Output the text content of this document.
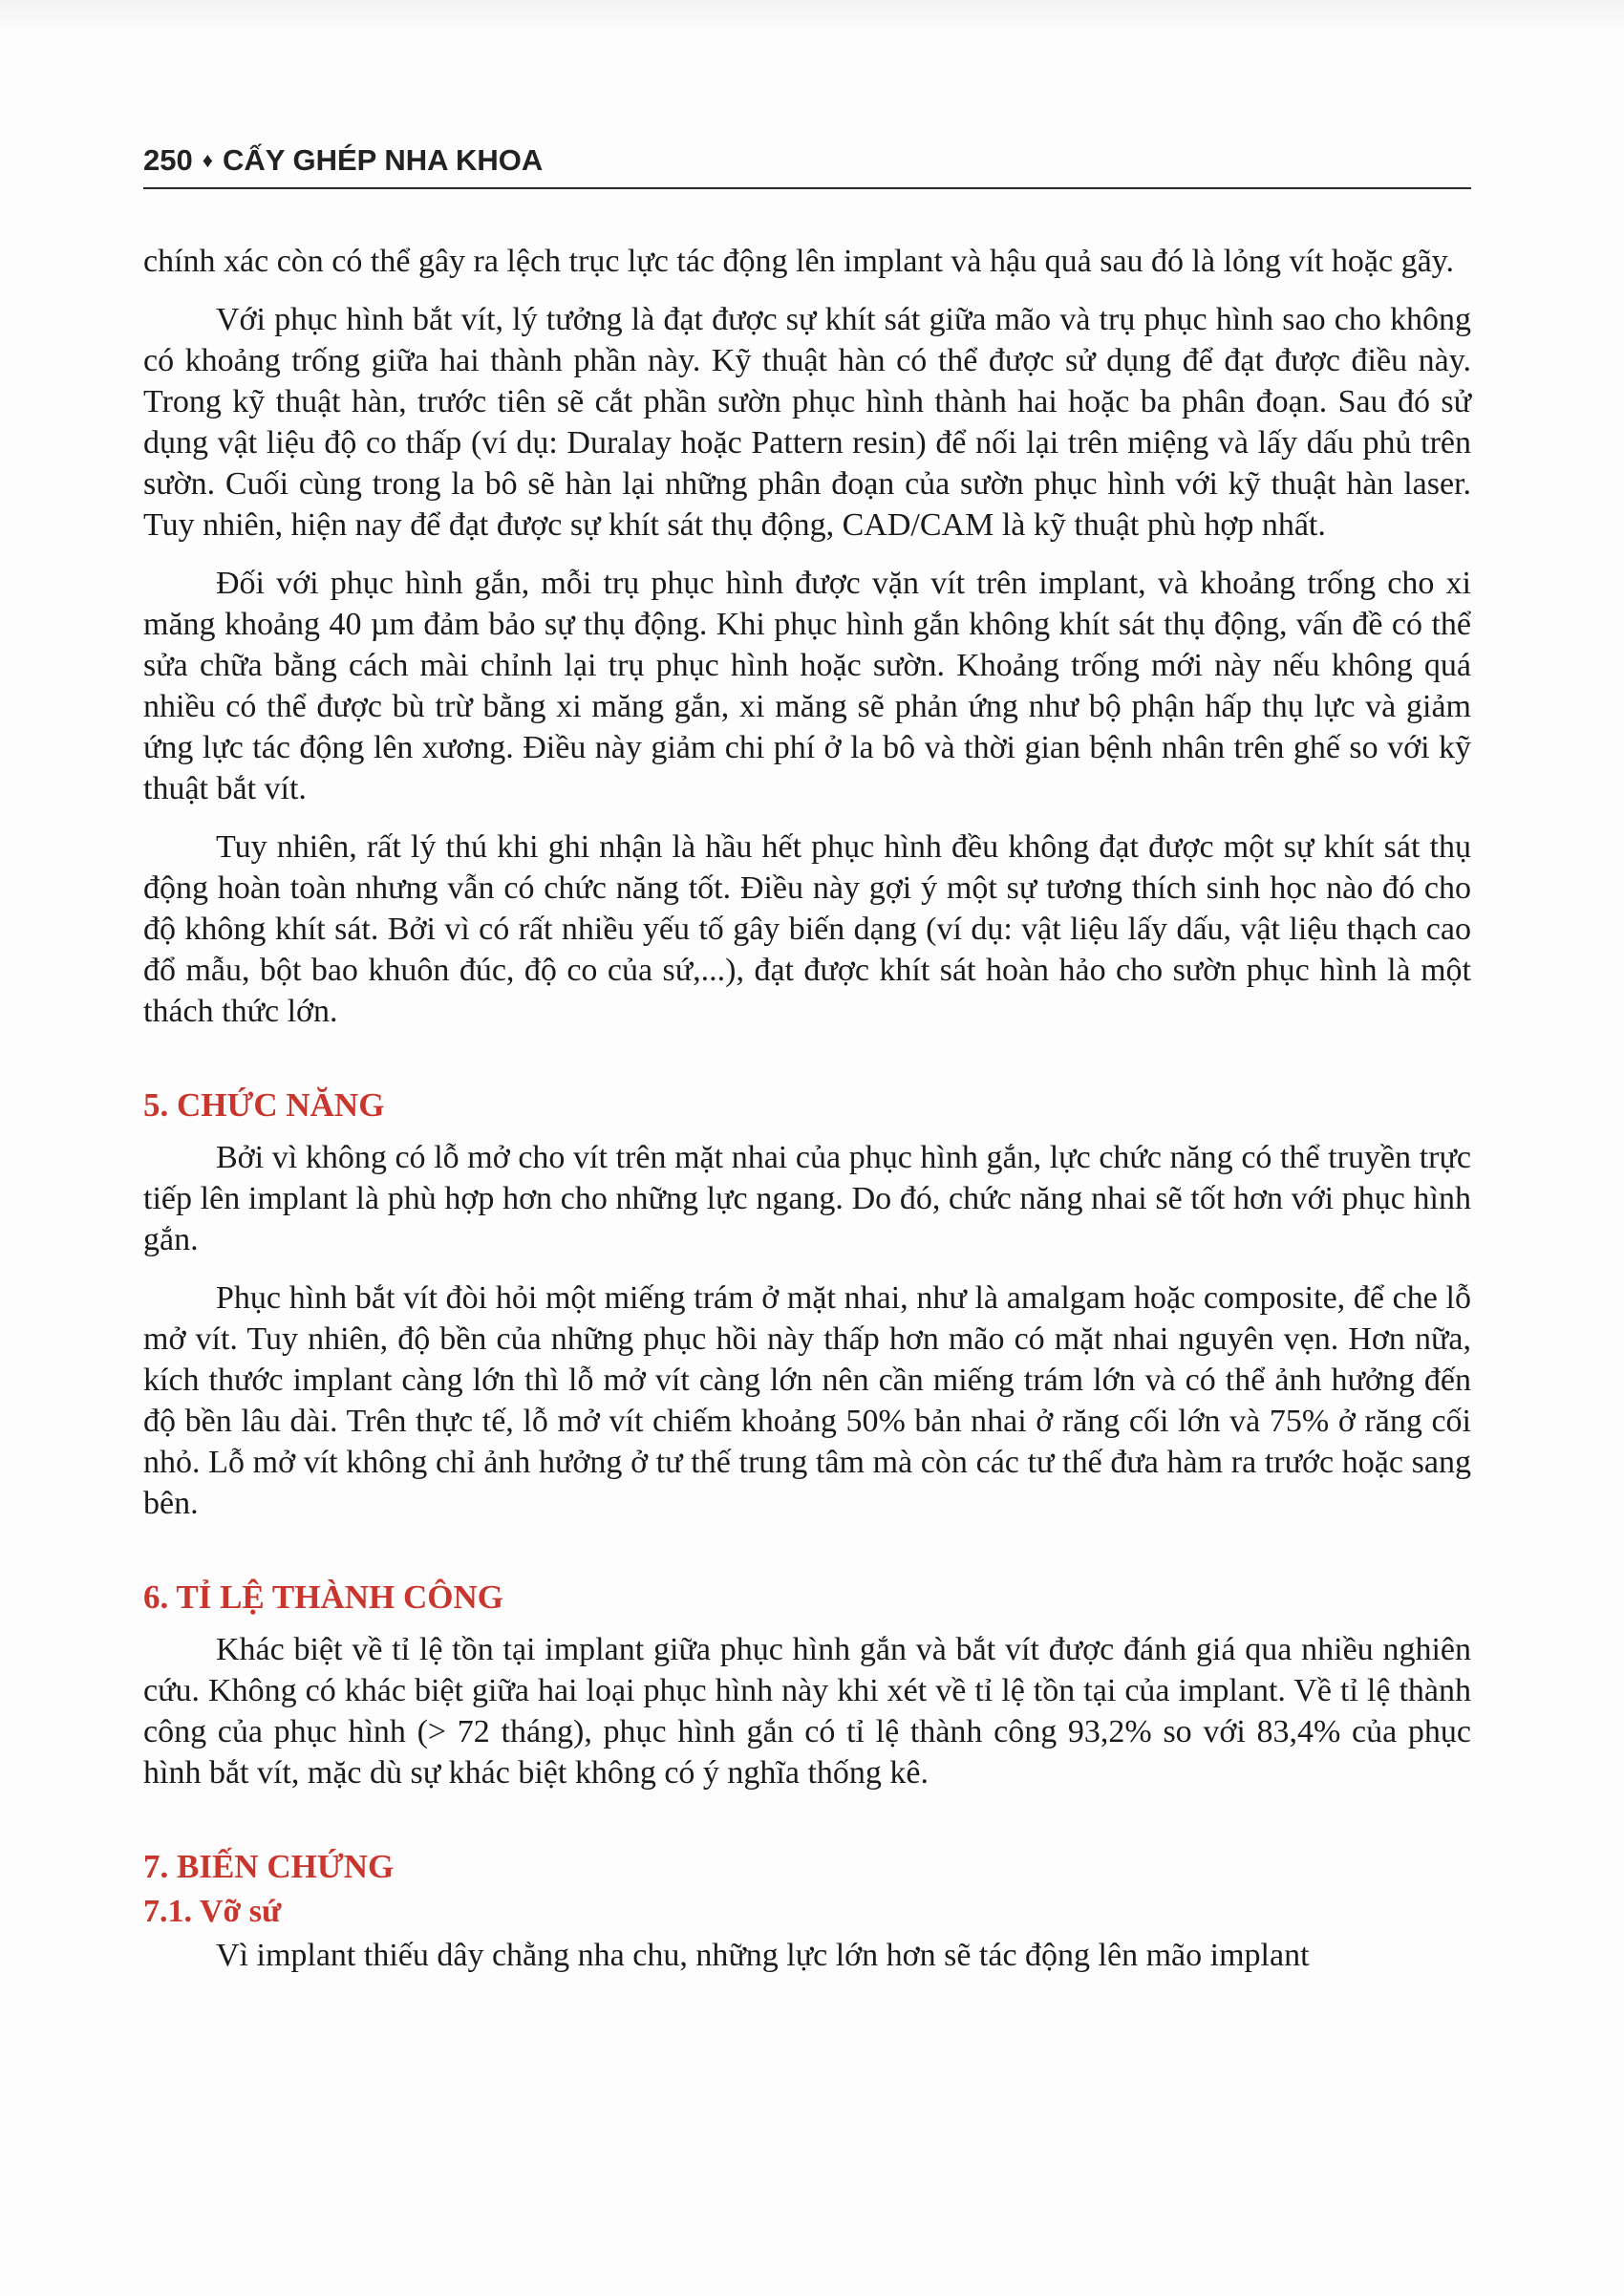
250 ♦ CẤY GHÉP NHA KHOA

chính xác còn có thể gây ra lệch trục lực tác động lên implant và hậu quả sau đó là lỏng vít hoặc gãy.

Với phục hình bắt vít, lý tưởng là đạt được sự khít sát giữa mão và trụ phục hình sao cho không có khoảng trống giữa hai thành phần này. Kỹ thuật hàn có thể được sử dụng để đạt được điều này. Trong kỹ thuật hàn, trước tiên sẽ cắt phần sườn phục hình thành hai hoặc ba phân đoạn. Sau đó sử dụng vật liệu độ co thấp (ví dụ: Duralay hoặc Pattern resin) để nối lại trên miệng và lấy dấu phủ trên sườn. Cuối cùng trong la bô sẽ hàn lại những phân đoạn của sườn phục hình với kỹ thuật hàn laser. Tuy nhiên, hiện nay để đạt được sự khít sát thụ động, CAD/CAM là kỹ thuật phù hợp nhất.

Đối với phục hình gắn, mỗi trụ phục hình được vặn vít trên implant, và khoảng trống cho xi măng khoảng 40 µm đảm bảo sự thụ động. Khi phục hình gắn không khít sát thụ động, vấn đề có thể sửa chữa bằng cách mài chỉnh lại trụ phục hình hoặc sườn. Khoảng trống mới này nếu không quá nhiều có thể được bù trừ bằng xi măng gắn, xi măng sẽ phản ứng như bộ phận hấp thụ lực và giảm ứng lực tác động lên xương. Điều này giảm chi phí ở la bô và thời gian bệnh nhân trên ghế so với kỹ thuật bắt vít.

Tuy nhiên, rất lý thú khi ghi nhận là hầu hết phục hình đều không đạt được một sự khít sát thụ động hoàn toàn nhưng vẫn có chức năng tốt. Điều này gợi ý một sự tương thích sinh học nào đó cho độ không khít sát. Bởi vì có rất nhiều yếu tố gây biến dạng (ví dụ: vật liệu lấy dấu, vật liệu thạch cao đổ mẫu, bột bao khuôn đúc, độ co của sứ,...), đạt được khít sát hoàn hảo cho sườn phục hình là một thách thức lớn.

5. CHỨC NĂNG

Bởi vì không có lỗ mở cho vít trên mặt nhai của phục hình gắn, lực chức năng có thể truyền trực tiếp lên implant là phù hợp hơn cho những lực ngang. Do đó, chức năng nhai sẽ tốt hơn với phục hình gắn.

Phục hình bắt vít đòi hỏi một miếng trám ở mặt nhai, như là amalgam hoặc composite, để che lỗ mở vít. Tuy nhiên, độ bền của những phục hồi này thấp hơn mão có mặt nhai nguyên vẹn. Hơn nữa, kích thước implant càng lớn thì lỗ mở vít càng lớn nên cần miếng trám lớn và có thể ảnh hưởng đến độ bền lâu dài. Trên thực tế, lỗ mở vít chiếm khoảng 50% bản nhai ở răng cối lớn và 75% ở răng cối nhỏ. Lỗ mở vít không chỉ ảnh hưởng ở tư thế trung tâm mà còn các tư thế đưa hàm ra trước hoặc sang bên.

6. TỈ LỆ THÀNH CÔNG

Khác biệt về tỉ lệ tồn tại implant giữa phục hình gắn và bắt vít được đánh giá qua nhiều nghiên cứu. Không có khác biệt giữa hai loại phục hình này khi xét về tỉ lệ tồn tại của implant. Về tỉ lệ thành công của phục hình (> 72 tháng), phục hình gắn có tỉ lệ thành công 93,2% so với 83,4% của phục hình bắt vít, mặc dù sự khác biệt không có ý nghĩa thống kê.

7. BIẾN CHỨNG
7.1. Vỡ sứ

Vì implant thiếu dây chằng nha chu, những lực lớn hơn sẽ tác động lên mão implant
